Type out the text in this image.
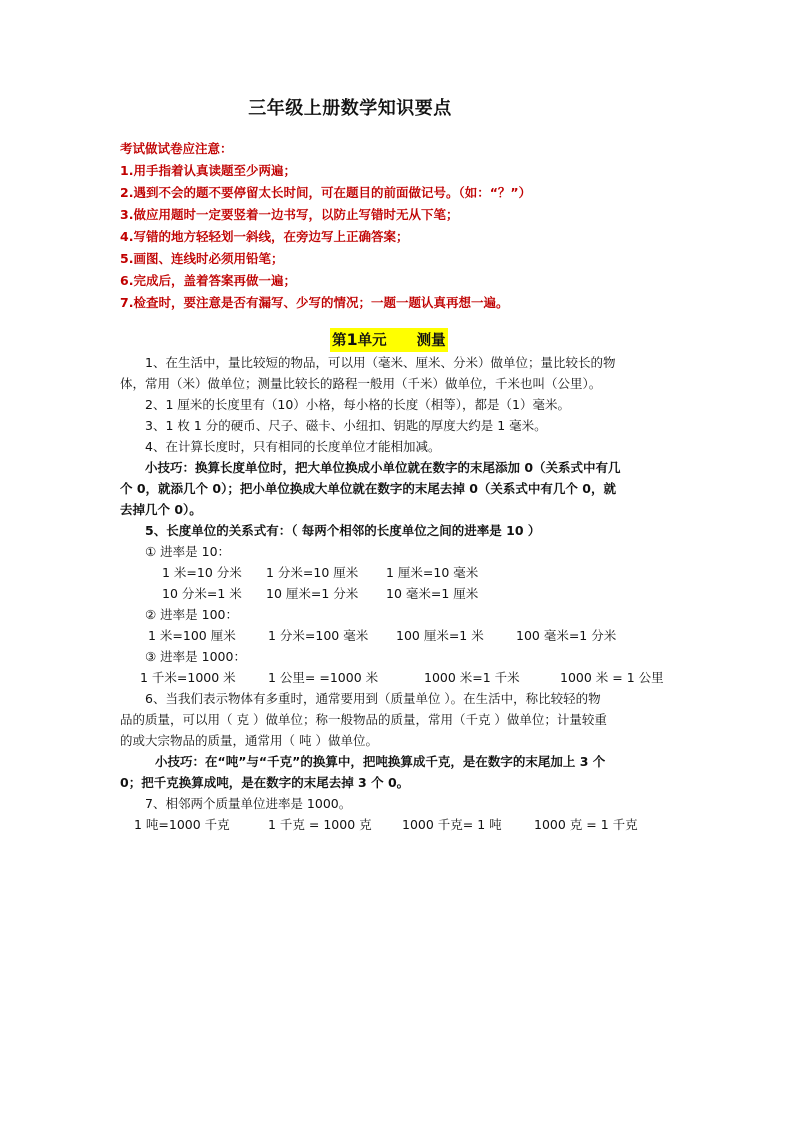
三年级上册数学知识要点
考试做试卷应注意：
1.用手指着认真读题至少两遍；
2.遇到不会的题不要停留太长时间，可在题目的前面做记号。（如：“？”）
3.做应用题时一定要竖着一边书写，以防止写错时无从下笔；
4.写错的地方轻轻划一斜线，在旁边写上正确答案；
5.画图、连线时必须用铅笔；
6.完成后，盖着答案再做一遍；
7.检查时，要注意是否有漏写、少写的情况；一题一题认真再想一遍。
第1单元 测量
1、在生活中，量比较短的物品，可以用（毫米、厘米、分米）做单位；量比较长的物
体，常用（米）做单位；测量比较长的路程一般用（千米）做单位，千米也叫（公里）。
2、1 厘米的长度里有（10）小格，每小格的长度（相等），都是（1）毫米。
3、1 枚 1 分的硬币、尺子、磁卡、小纽扣、钥匙的厚度大约是 1 毫米。
4、在计算长度时，只有相同的长度单位才能相加减。
小技巧：换算长度单位时，把大单位换成小单位就在数字的末尾添加 0（关系式中有几
个 0，就添几个 0）；把小单位换成大单位就在数字的末尾去掉 0（关系式中有几个 0，就
去掉几个 0）。
5、长度单位的关系式有：（ 每两个相邻的长度单位之间的进率是 10 ）
① 进率是 10：
1 米=10 分米 1 分米=10 厘米 1 厘米=10 毫米
10 分米=1 米 10 厘米=1 分米 10 毫米=1 厘米
② 进率是 100：
1 米=100 厘米	1 分米=100 毫米 100 厘米=1 米	100 毫米=1 分米
③ 进率是 1000：
1 千米=1000 米	1 公里= =1000 米	1000 米=1 千米	1000 米 = 1 公里
6、当我们表示物体有多重时，通常要用到（质量单位 ）。在生活中，称比较轻的物
品的质量，可以用（ 克 ）做单位；称一般物品的质量，常用（千克 ）做单位；计量较重
的或大宗物品的质量，通常用（ 吨 ）做单位。
小技巧：在“吨”与“千克”的换算中，把吨换算成千克，是在数字的末尾加上 3 个
0；把千克换算成吨，是在数字的末尾去掉 3 个 0。
7、相邻两个质量单位进率是 1000。
1 吨=1000 千克	1 千克 = 1000 克 1000 千克= 1 吨	1000 克 = 1 千克
